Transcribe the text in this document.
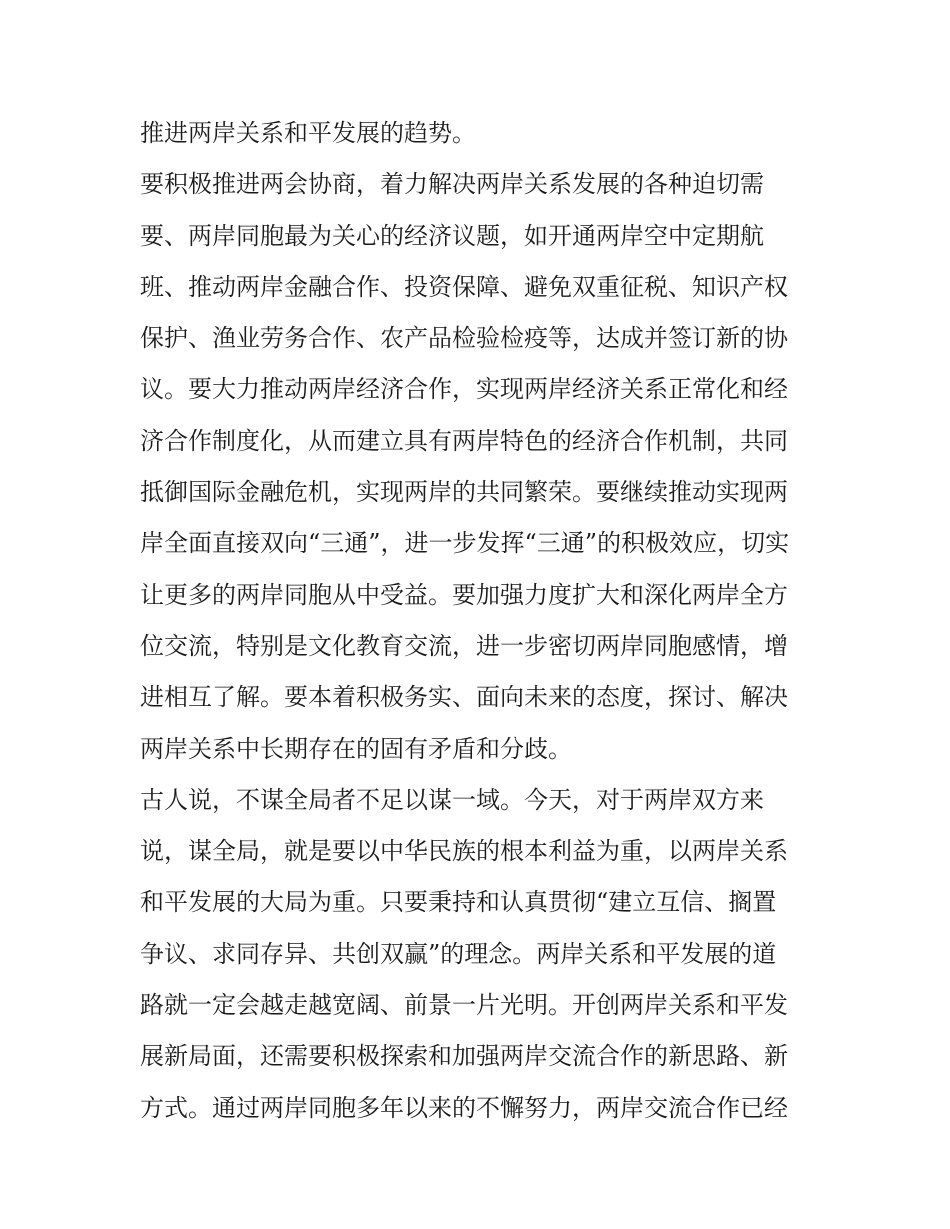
推进两岸关系和平发展的趋势。
要积极推进两会协商，着力解决两岸关系发展的各种迫切需
要、两岸同胞最为关心的经济议题，如开通两岸空中定期航
班、推动两岸金融合作、投资保障、避免双重征税、知识产权
保护、渔业劳务合作、农产品检验检疫等，达成并签订新的协
议。要大力推动两岸经济合作，实现两岸经济关系正常化和经
济合作制度化，从而建立具有两岸特色的经济合作机制，共同
抵御国际金融危机，实现两岸的共同繁荣。要继续推动实现两
岸全面直接双向“三通”，进一步发挥“三通”的积极效应，切实
让更多的两岸同胞从中受益。要加强力度扩大和深化两岸全方
位交流，特别是文化教育交流，进一步密切两岸同胞感情，增
进相互了解。要本着积极务实、面向未来的态度，探讨、解决
两岸关系中长期存在的固有矛盾和分歧。
古人说，不谋全局者不足以谋一域。今天，对于两岸双方来
说，谋全局，就是要以中华民族的根本利益为重，以两岸关系
和平发展的大局为重。只要秉持和认真贯彻“建立互信、搁置
争议、求同存异、共创双赢”的理念。两岸关系和平发展的道
路就一定会越走越宽阔、前景一片光明。开创两岸关系和平发
展新局面，还需要积极探索和加强两岸交流合作的新思路、新
方式。通过两岸同胞多年以来的不懈努力，两岸交流合作已经
